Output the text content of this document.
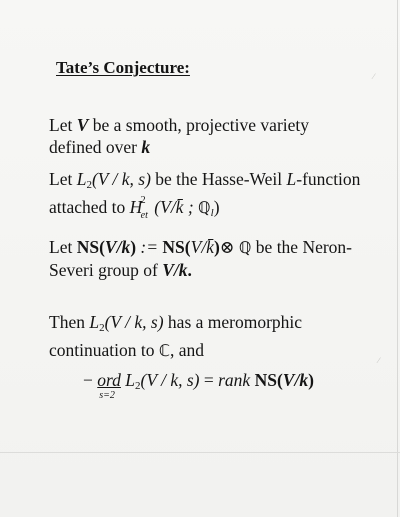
⁄
⁄
Tate’s Conjecture:
Let V be a smooth, projective variety
defined over k
Let $L_2(V$ / k, s) be the Hasse-Weil L-function
attached to H
2
et (V/k̄ ; ℚ$_l$)
Let NS(V/k) := NS(V/k̄)⊗ ℚ be the Neron-
Severi group of V/k.
Then $L_2(V$ / k, s) has a meromorphic
continuation to ℂ, and
− ord
s=2
$L_2(V$ / k, s) = rank NS(V/k)
